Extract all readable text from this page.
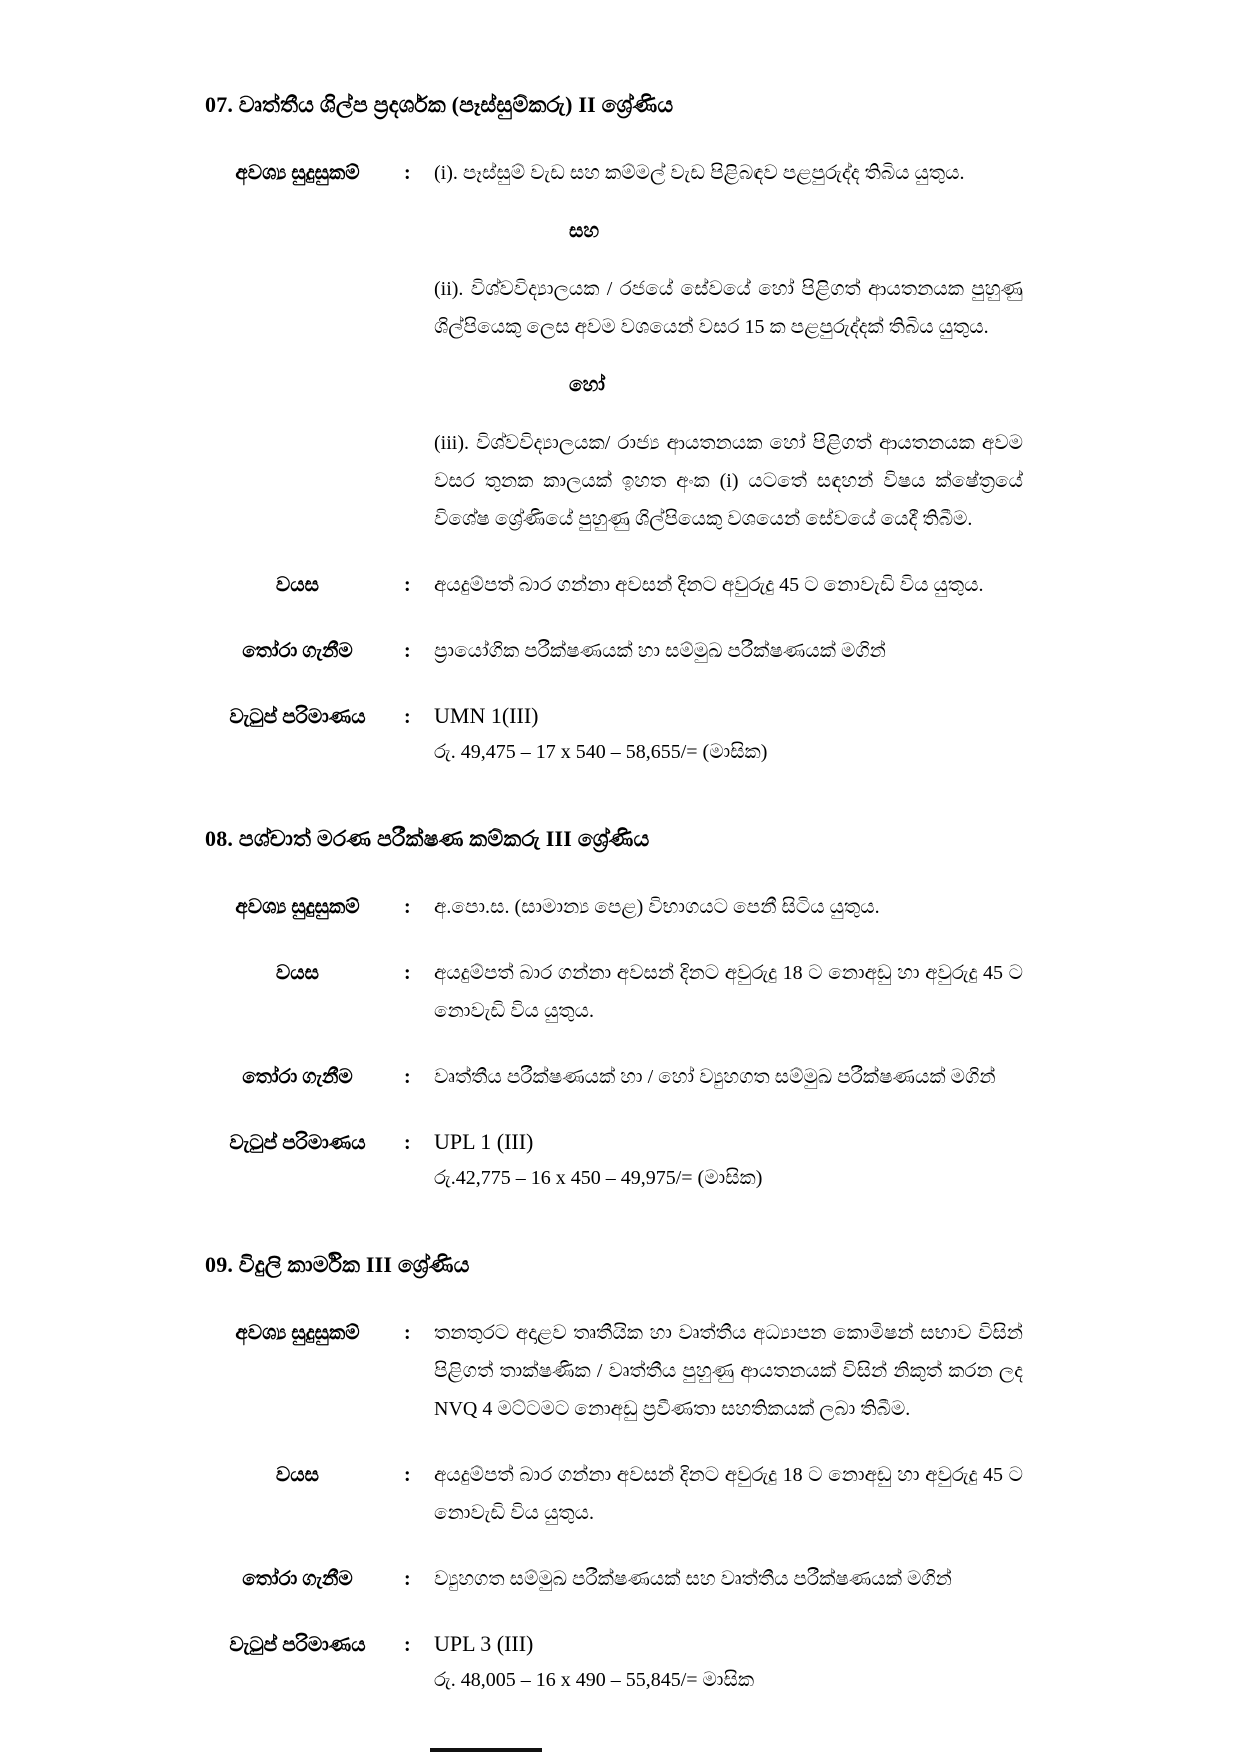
07. වෘත්තීය ශිල්ප ප්‍රදර්ශක (පෑස්සුම්කරු) II ශ්‍රේණිය
අවශ්‍ය සුදුසුකම්	:	(i). පෑස්සුම් වැඩ සහ කම්මල් වැඩ පිළිබඳව පළපුරුද්ද තිබිය යුතුය.

සහ

(ii). විශ්වවිද්‍යාලයක / රජයේ සේවයේ හෝ පිළිගත් ආයතනයක පුහුණු ශිල්පියෙකු ලෙස අවම වශයෙන් වසර 15 ක පළපුරුද්දක් තිබිය යුතුය.

හෝ

(iii). විශ්වවිද්‍යාලයක/ රාජ්‍ය ආයතනයක හෝ පිළිගත් ආයතනයක අවම වසර තුනක කාලයක් ඉහත අංක (i) යටතේ සඳහන් විෂය ක්ෂේත්‍රයේ විශේෂ ශ්‍රේණියේ පුහුණු ශිල්පියෙකු වශයෙන් සේවයේ යෙදී තිබීම.

වයස	:	අයදුම්පත් බාර ගන්නා අවසන් දිනට අවුරුදු 45 ට නොවැඩි විය යුතුය.

තෝරා ගැනීම	:	ප්‍රායෝගික පරීක්ෂණයක් හා සම්මුඛ පරීක්ෂණයක් මගින්

වැටුප් පරිමාණය	:	UMN 1(III)

රු. 49,475 – 17 x 540 – 58,655/= (මාසික)

08. පශ්චාත් මරණ පරීක්ෂණ කම්කරු III ශ්‍රේණිය
අවශ්‍ය සුදුසුකම්	:	අ.පො.ස. (සාමාන්‍ය පෙළ) විභාගයට පෙනී සිටිය යුතුය.

වයස	:	අයදුම්පත් බාර ගන්නා අවසන් දිනට අවුරුදු 18 ට නොඅඩු හා අවුරුදු 45 ට නොවැඩි විය යුතුය.

තෝරා ගැනීම	:	වෘත්තීය පරීක්ෂණයක් හා / හෝ ව්‍යුහගත සම්මුඛ පරීක්ෂණයක් මගින්

වැටුප් පරිමාණය	:	UPL 1 (III)

රු.42,775 – 16 x 450 – 49,975/= (මාසික)

09. විදුලි කාර්මික III ශ්‍රේණිය
අවශ්‍ය සුදුසුකම්	:	තනතුරට අදාළව තෘතීයික හා වෘත්තීය අධ්‍යාපන කොමිෂන් සභාව විසින් පිළිගත් තාක්ෂණික / වෘත්තීය පුහුණු ආයතනයක් විසින් නිකුත් කරන ලද NVQ 4 මට්ටමට නොඅඩු ප්‍රවීණතා සහතිකයක් ලබා තිබීම.

වයස	:	අයදුම්පත් බාර ගන්නා අවසන් දිනට අවුරුදු 18 ට නොඅඩු හා අවුරුදු 45 ට නොවැඩි විය යුතුය.

තෝරා ගැනීම	:	ව්‍යුහගත සම්මුඛ පරීක්ෂණයක් සහ වෘත්තීය පරීක්ෂණයක් මගින්

වැටුප් පරිමාණය	:	UPL 3 (III)

රු. 48,005 – 16 x 490 – 55,845/= මාසික
